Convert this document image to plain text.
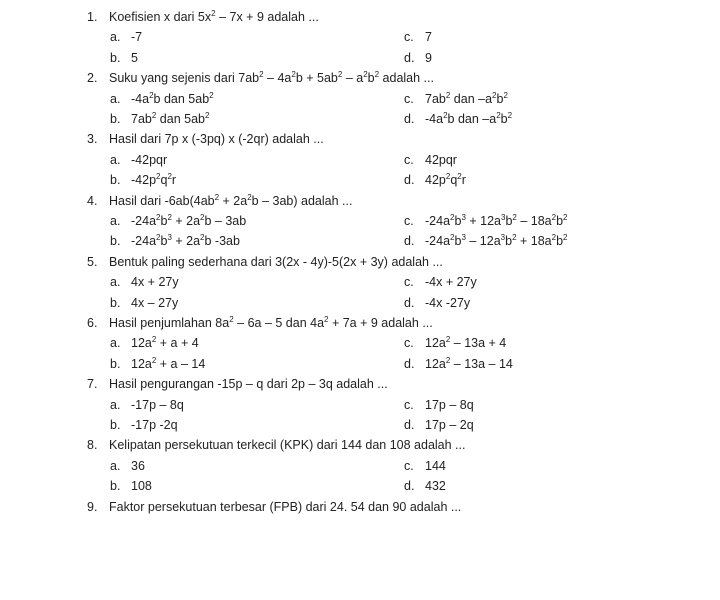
1. Koefisien x dari $5x^2 - 7x + 9$ adalah ...
a. -7	c. 7
b. 5	d. 9
2. Suku yang sejenis dari $7ab^2 - 4a^2b + 5ab^2 - a^2b^2$ adalah ...
a. $-4a^2b$ dan $5ab^2$	c. $7ab^2$ dan $-a^2b^2$
b. $7ab^2$ dan $5ab^2$	d. $-4a^2b$ dan $-a^2b^2$
3. Hasil dari 7p x (-3pq) x (-2qr) adalah ...
a. -42pqr	c. 42pqr
b. $-42p^2q^2r$	d. $42p^2q^2r$
4. Hasil dari $-6ab(4ab^2 + 2a^2b - 3ab)$ adalah ...
a. $-24a^2b^2 + 2a^2b - 3ab$	c. $-24a^2b^3 + 12a^3b^2 - 18a^2b^2$
b. $-24a^2b^3 + 2a^2b$ -3ab	d. $-24a^2b^3 - 12a^3b^2 + 18a^2b^2$
5. Bentuk paling sederhana dari 3(2x - 4y)-5(2x + 3y) adalah ...
a. 4x + 27y	c. -4x + 27y
b. 4x – 27y	d. -4x -27y
6. Hasil penjumlahan $8a^2 - 6a - 5$ dan $4a^2 + 7a + 9$ adalah ...
a. $12a^2 + a + 4$	c. $12a^2 - 13a + 4$
b. $12a^2 + a - 14$	d. $12a^2 - 13a - 14$
7. Hasil pengurangan -15p – q dari 2p – 3q adalah ...
a. -17p – 8q	c. 17p – 8q
b. -17p -2q	d. 17p – 2q
8. Kelipatan persekutuan terkecil (KPK) dari 144 dan 108 adalah ...
a. 36	c. 144
b. 108	d. 432
9. Faktor persekutuan terbesar (FPB) dari 24. 54 dan 90 adalah ...
